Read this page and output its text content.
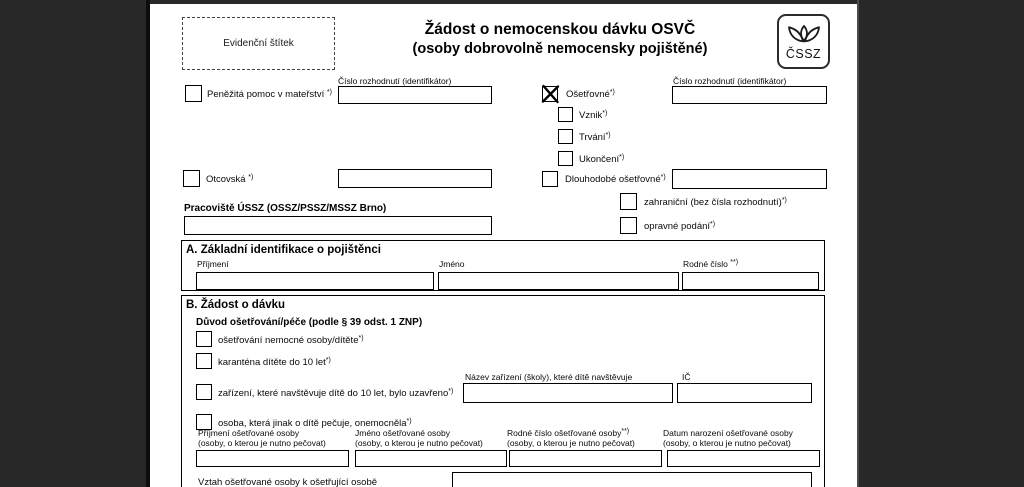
Evidenční štítek
Žádost o nemocenskou dávku OSVČ
(osoby dobrovolně nemocensky pojištěné)	ČSSZ
Číslo rozhodnutí (identifikátor)
Peněžitá pomoc v mateřství *)	Ošetřovné*)
Číslo rozhodnutí (identifikátor)
Vznik*)
Trvání*)
Ukončení*)
Otcovská *)	Dlouhodobé ošetřovné*)
zahraniční (bez čísla rozhodnutí)*)
opravné podání*)
Pracoviště ÚSSZ (OSSZ/PSSZ/MSSZ Brno)
A. Základní identifikace o pojištěnci
Příjmení	Jméno	Rodné číslo **)
B. Žádost o dávku
Důvod ošetřování/péče (podle § 39 odst. 1 ZNP)
ošetřování nemocné osoby/dítěte*)
karanténa dítěte do 10 let*)
Název zařízení (školy), které dítě navštěvuje	IČ
zařízení, které navštěvuje dítě do 10 let, bylo uzavřeno*)
osoba, která jinak o dítě pečuje, onemocněla*)
Příjmení ošetřované osoby
(osoby, o kterou je nutno pečovat)
Jméno ošetřované osoby
(osoby, o kterou je nutno pečovat)
Rodné číslo ošetřované osoby**)
(osoby, o kterou je nutno pečovat)
Datum narození ošetřované osoby
(osoby, o kterou je nutno pečovat)
Vztah ošetřované osoby k ošetřující osobě
